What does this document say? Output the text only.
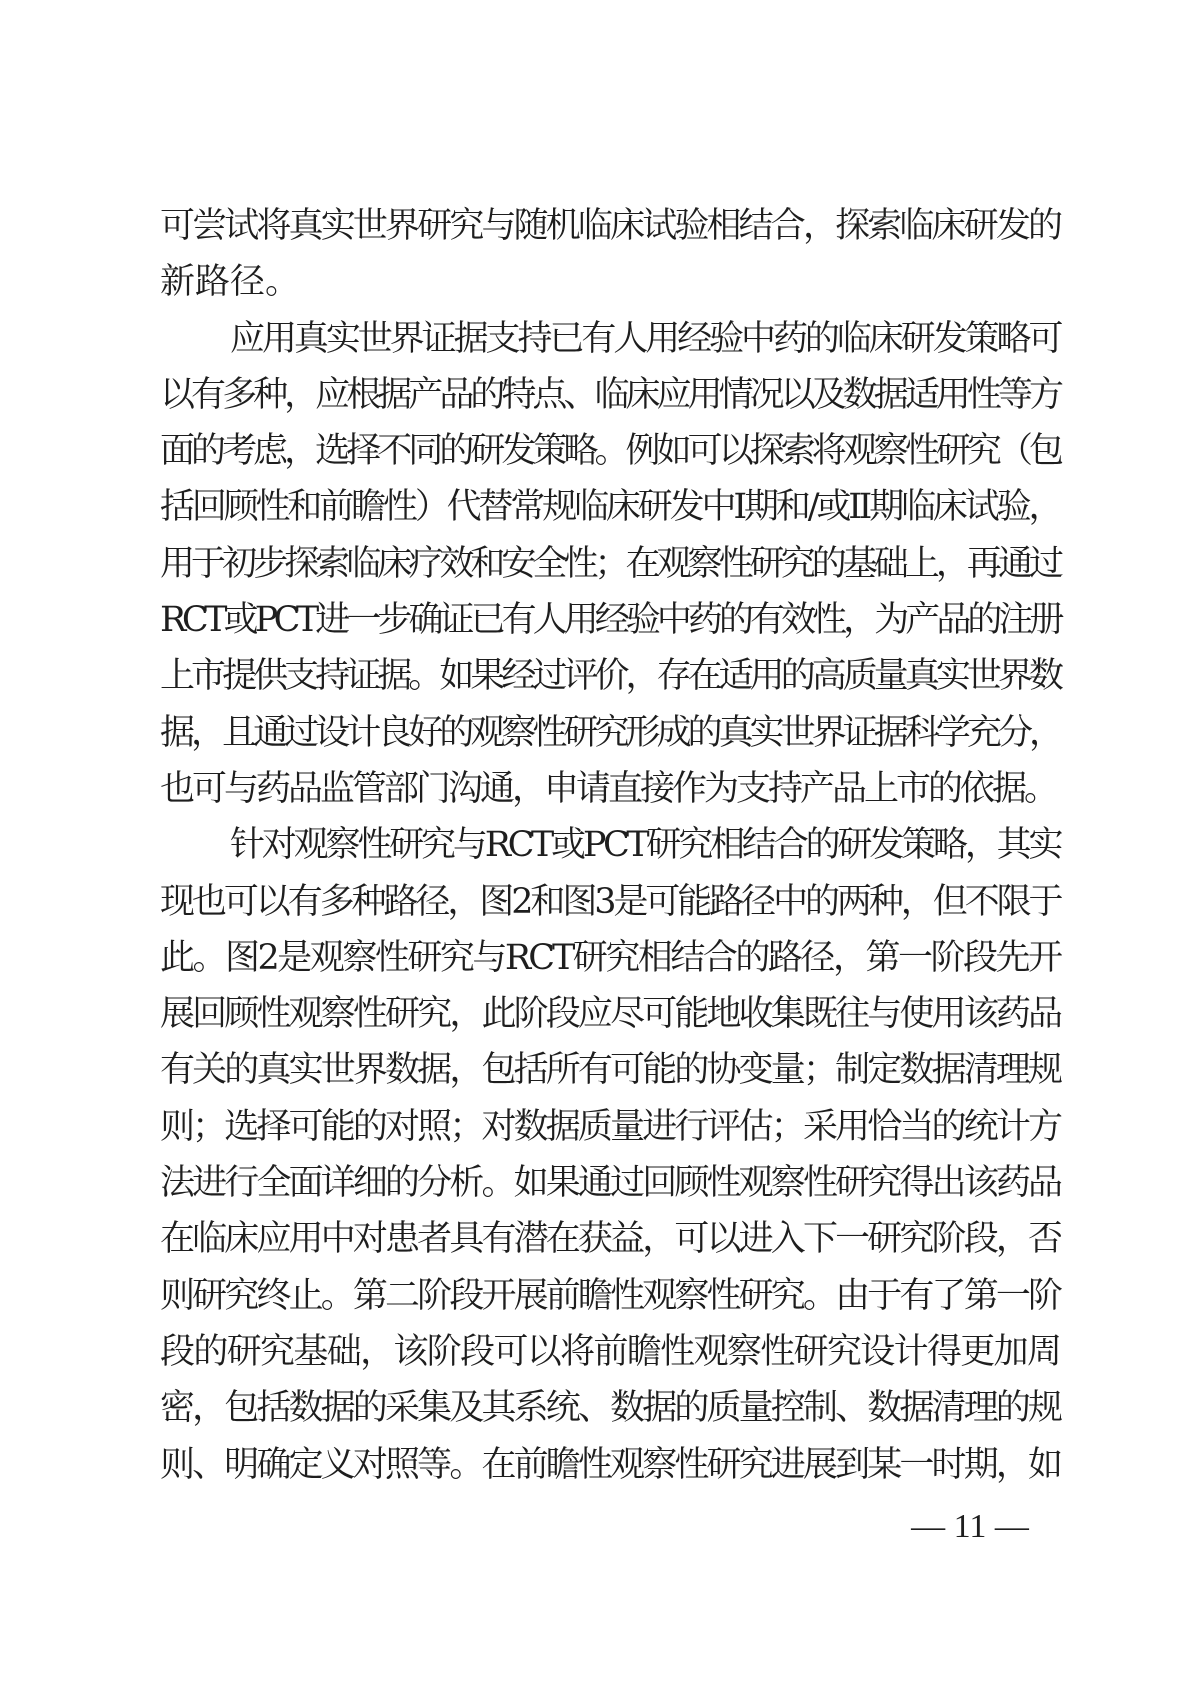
可尝试将真实世界研究与随机临床试验相结合，探索临床研发的
新路径。
应用真实世界证据支持已有人用经验中药的临床研发策略可
以有多种，应根据产品的特点、临床应用情况以及数据适用性等方
面的考虑，选择不同的研发策略。例如可以探索将观察性研究（包
括回顾性和前瞻性）代替常规临床研发中I期和/或II期临床试验，
用于初步探索临床疗效和安全性；在观察性研究的基础上，再通过
RCT或PCT进一步确证已有人用经验中药的有效性，为产品的注册
上市提供支持证据。如果经过评价，存在适用的高质量真实世界数
据，且通过设计良好的观察性研究形成的真实世界证据科学充分，
也可与药品监管部门沟通，申请直接作为支持产品上市的依据。
针对观察性研究与RCT或PCT研究相结合的研发策略，其实
现也可以有多种路径，图2和图3是可能路径中的两种，但不限于
此。图2是观察性研究与RCT研究相结合的路径，第一阶段先开
展回顾性观察性研究，此阶段应尽可能地收集既往与使用该药品
有关的真实世界数据，包括所有可能的协变量；制定数据清理规
则；选择可能的对照；对数据质量进行评估；采用恰当的统计方
法进行全面详细的分析。如果通过回顾性观察性研究得出该药品
在临床应用中对患者具有潜在获益，可以进入下一研究阶段，否
则研究终止。第二阶段开展前瞻性观察性研究。由于有了第一阶
段的研究基础，该阶段可以将前瞻性观察性研究设计得更加周
密，包括数据的采集及其系统、数据的质量控制、数据清理的规
则、明确定义对照等。在前瞻性观察性研究进展到某一时期，如
— 11 —
